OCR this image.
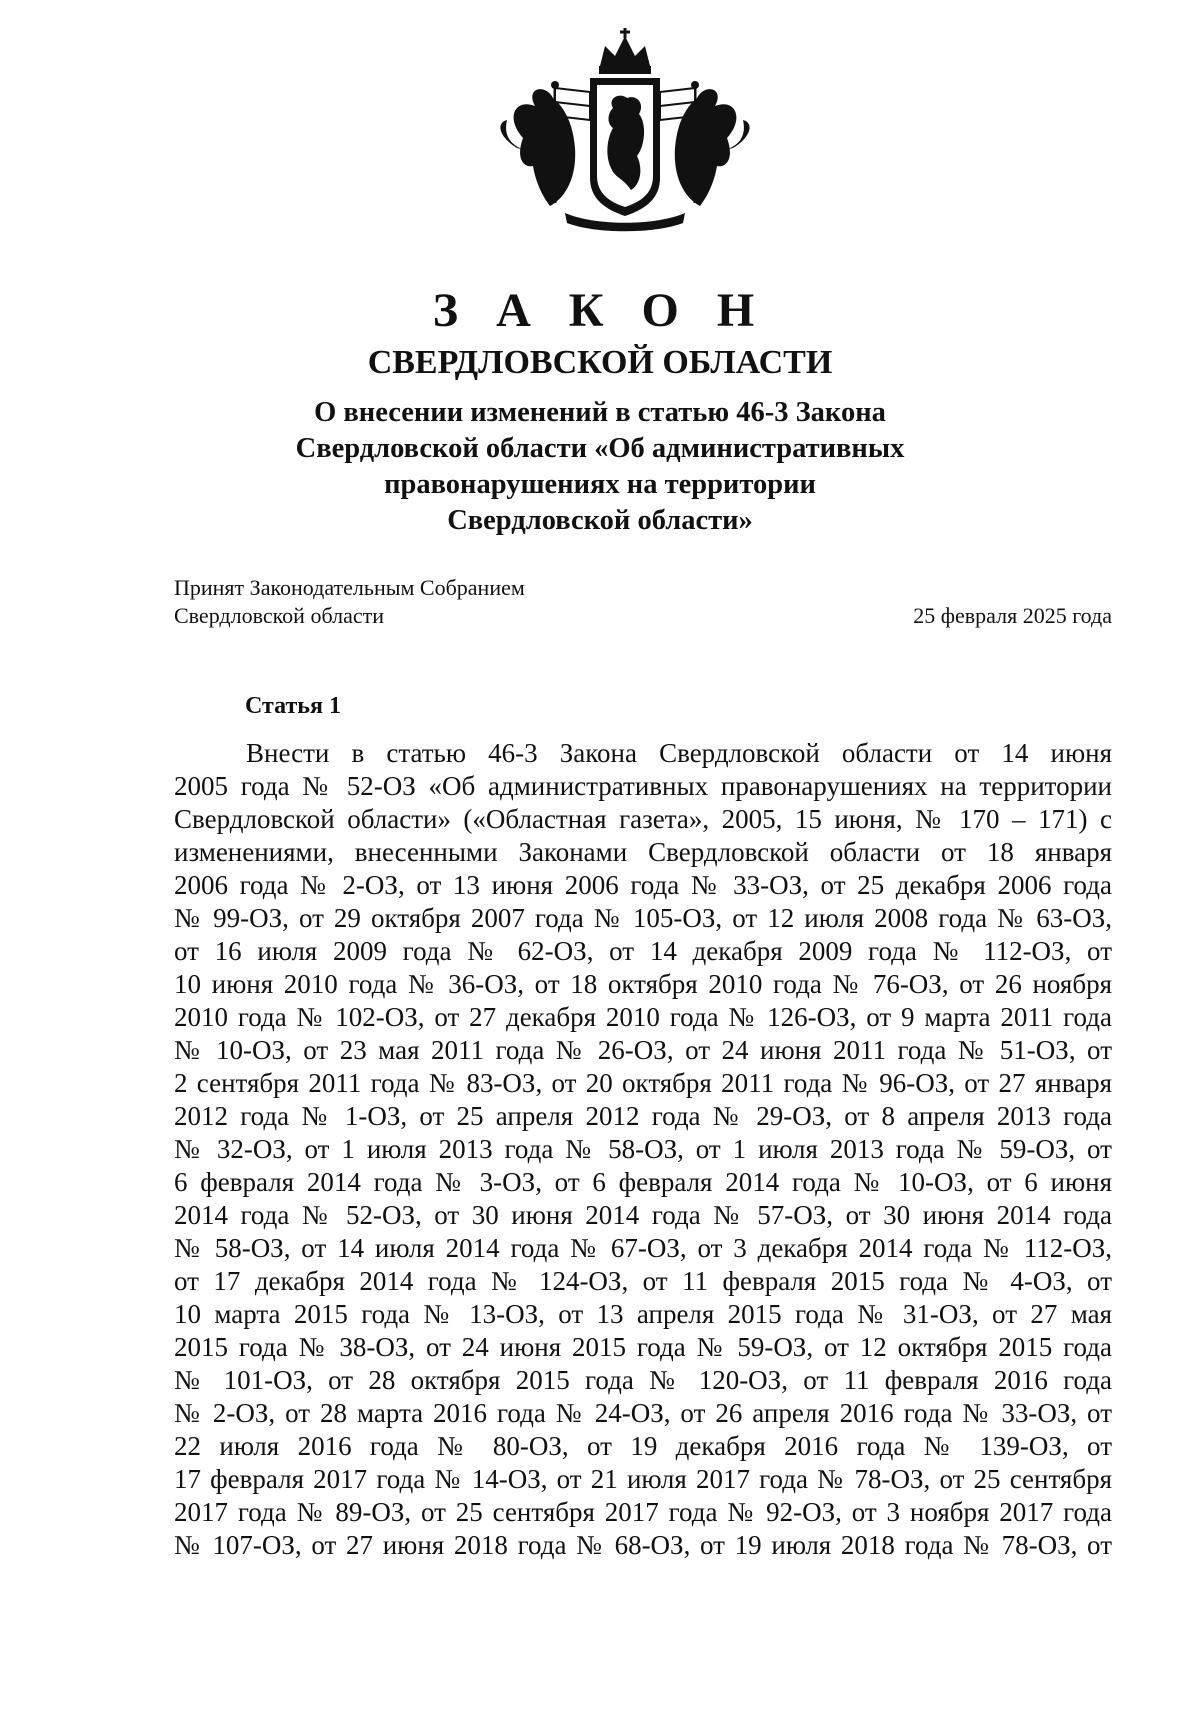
З А К О Н
СВЕРДЛОВСКОЙ ОБЛАСТИ
О внесении изменений в статью 46-3 Закона
Свердловской области «Об административных
правонарушениях на территории
Свердловской области»
Принят Законодательным Собранием
Свердловской области	25 февраля 2025 года
Статья 1
Внести в статью 46-3 Закона Свердловской области от 14 июня
2005 года № 52-ОЗ «Об административных правонарушениях на территории
Свердловской области» («Областная газета», 2005, 15 июня, № 170 – 171) с
изменениями, внесенными Законами Свердловской области от 18 января
2006 года № 2-ОЗ, от 13 июня 2006 года № 33-ОЗ, от 25 декабря 2006 года
№ 99-ОЗ, от 29 октября 2007 года № 105-ОЗ, от 12 июля 2008 года № 63-ОЗ,
от 16 июля 2009 года № 62-ОЗ, от 14 декабря 2009 года № 112-ОЗ, от
10 июня 2010 года № 36-ОЗ, от 18 октября 2010 года № 76-ОЗ, от 26 ноября
2010 года № 102-ОЗ, от 27 декабря 2010 года № 126-ОЗ, от 9 марта 2011 года
№ 10-ОЗ, от 23 мая 2011 года № 26-ОЗ, от 24 июня 2011 года № 51-ОЗ, от
2 сентября 2011 года № 83-ОЗ, от 20 октября 2011 года № 96-ОЗ, от 27 января
2012 года № 1-ОЗ, от 25 апреля 2012 года № 29-ОЗ, от 8 апреля 2013 года
№ 32-ОЗ, от 1 июля 2013 года № 58-ОЗ, от 1 июля 2013 года № 59-ОЗ, от
6 февраля 2014 года № 3-ОЗ, от 6 февраля 2014 года № 10-ОЗ, от 6 июня
2014 года № 52-ОЗ, от 30 июня 2014 года № 57-ОЗ, от 30 июня 2014 года
№ 58-ОЗ, от 14 июля 2014 года № 67-ОЗ, от 3 декабря 2014 года № 112-ОЗ,
от 17 декабря 2014 года № 124-ОЗ, от 11 февраля 2015 года № 4-ОЗ, от
10 марта 2015 года № 13-ОЗ, от 13 апреля 2015 года № 31-ОЗ, от 27 мая
2015 года № 38-ОЗ, от 24 июня 2015 года № 59-ОЗ, от 12 октября 2015 года
№ 101-ОЗ, от 28 октября 2015 года № 120-ОЗ, от 11 февраля 2016 года
№ 2-ОЗ, от 28 марта 2016 года № 24-ОЗ, от 26 апреля 2016 года № 33-ОЗ, от
22 июля 2016 года № 80-ОЗ, от 19 декабря 2016 года № 139-ОЗ, от
17 февраля 2017 года № 14-ОЗ, от 21 июля 2017 года № 78-ОЗ, от 25 сентября
2017 года № 89-ОЗ, от 25 сентября 2017 года № 92-ОЗ, от 3 ноября 2017 года
№ 107-ОЗ, от 27 июня 2018 года № 68-ОЗ, от 19 июля 2018 года № 78-ОЗ, от
